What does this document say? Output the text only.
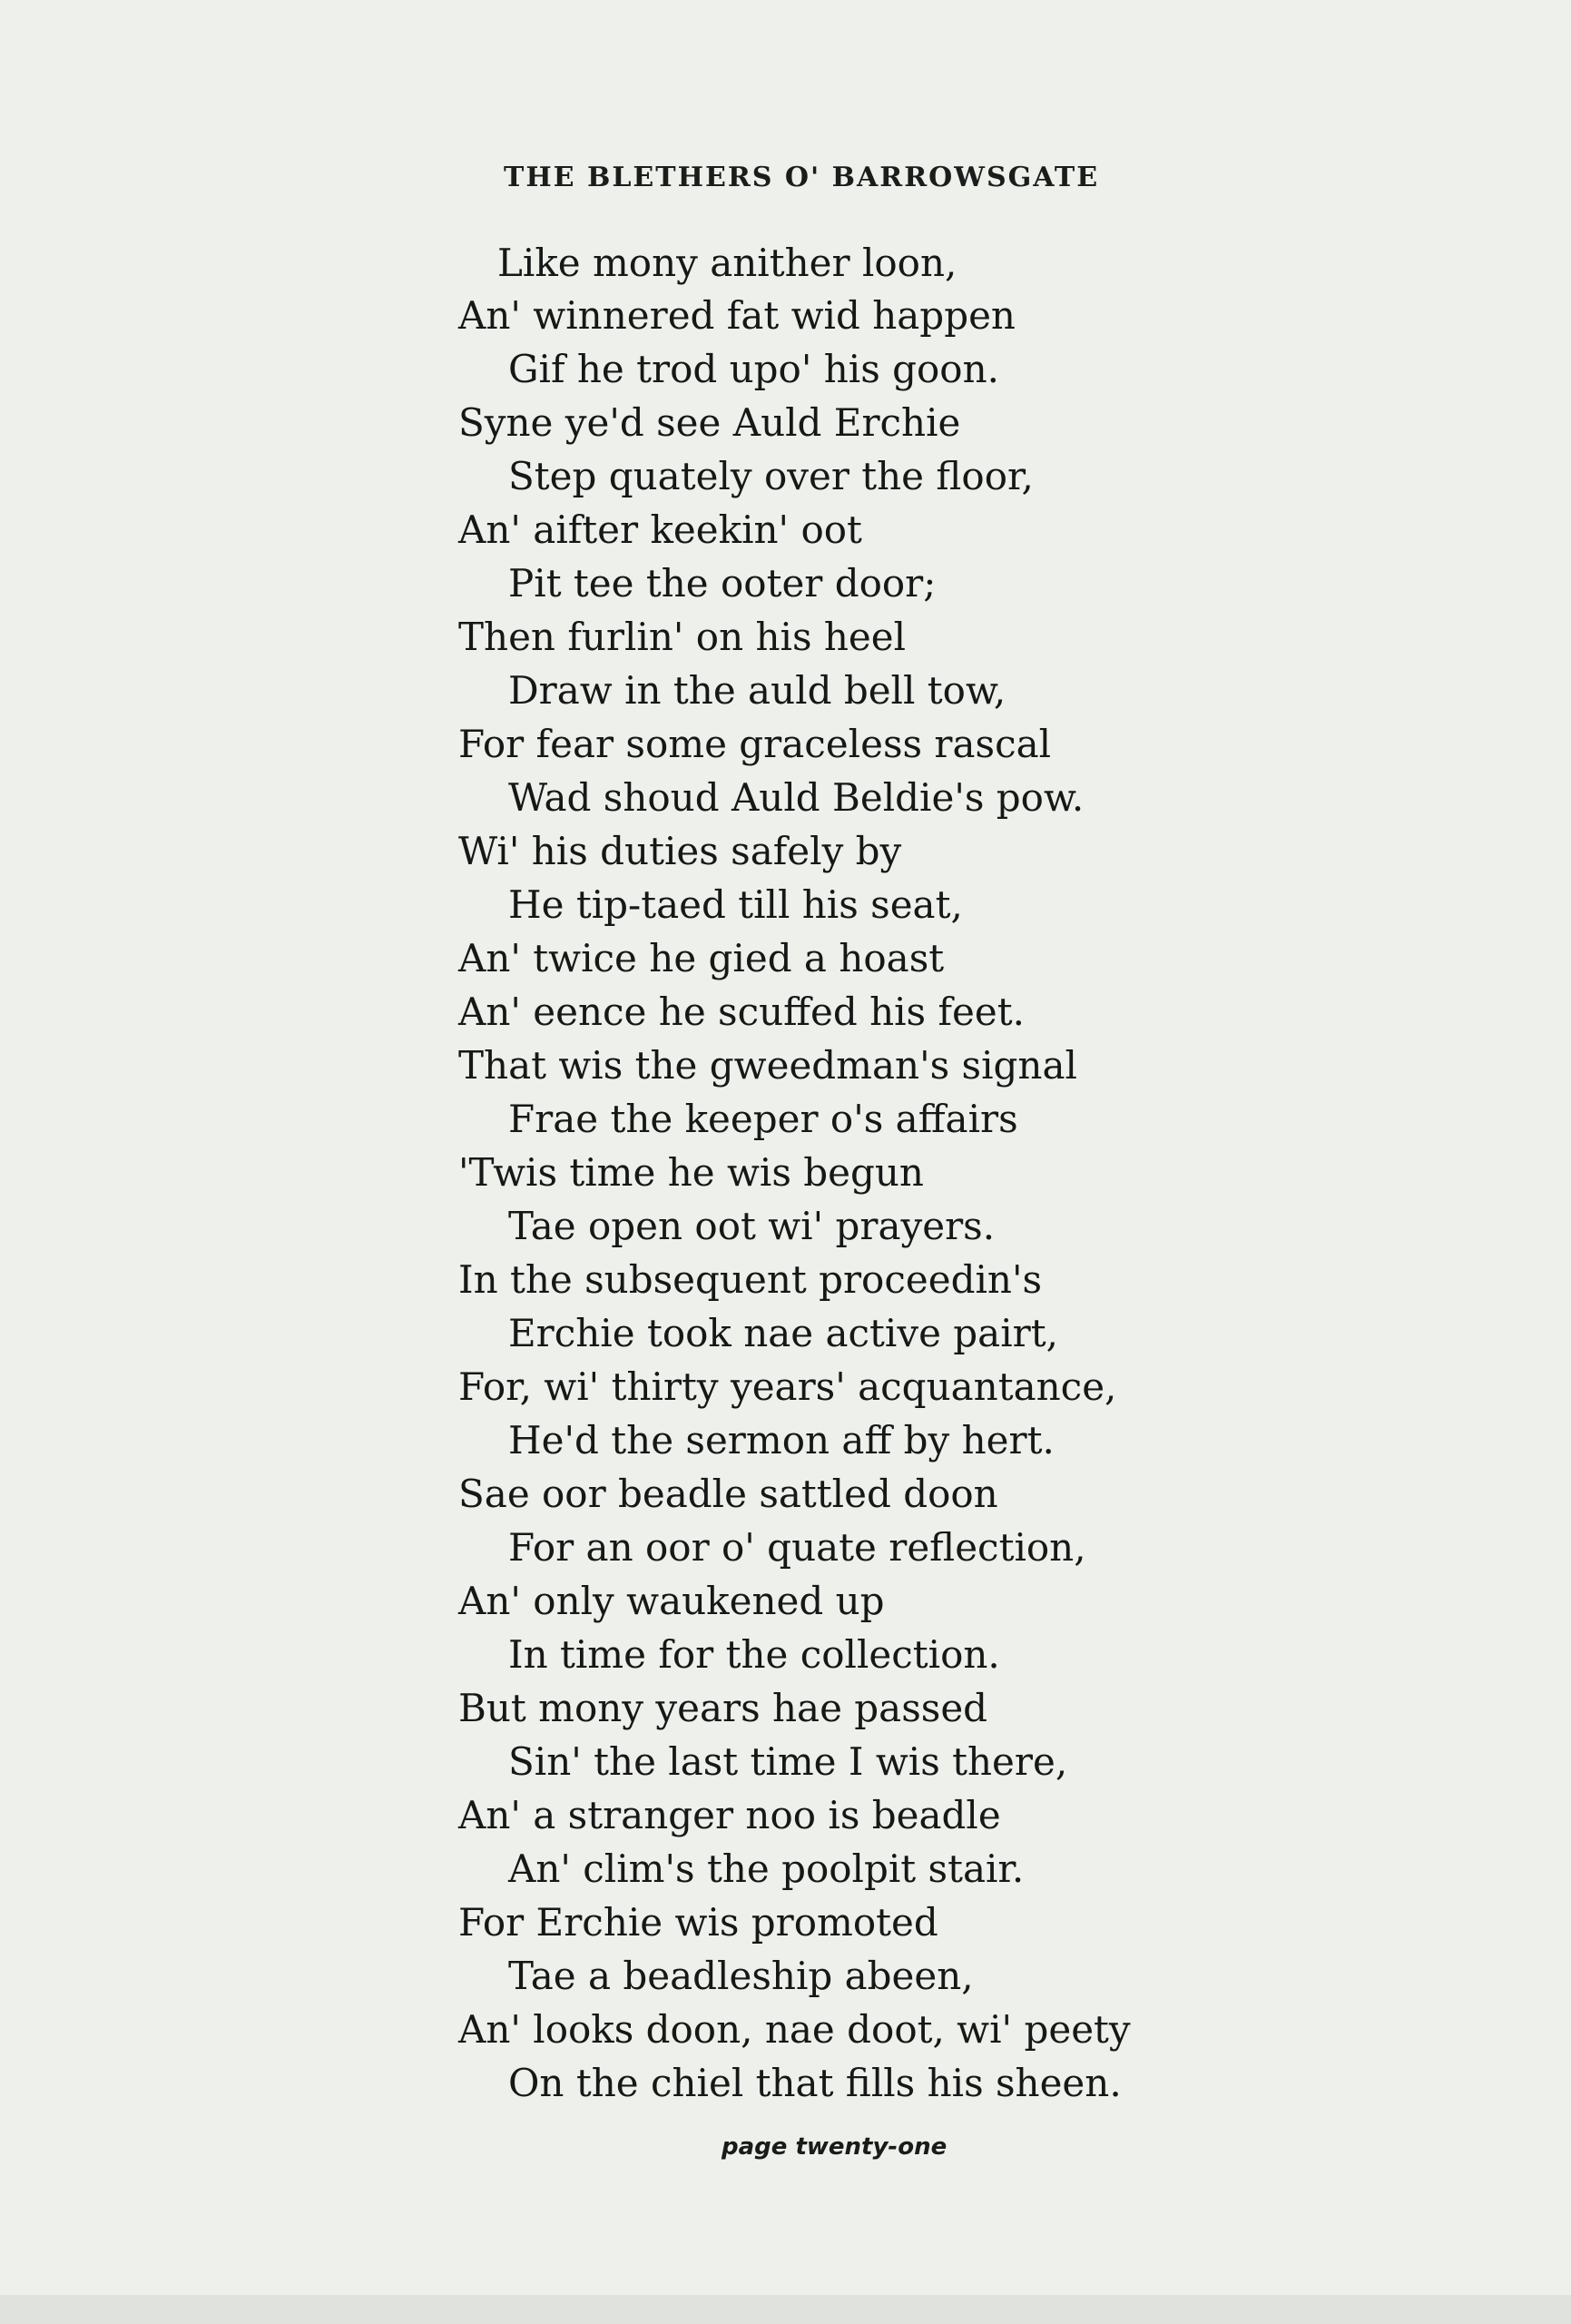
THE BLETHERS O' BARROWSGATE
Like mony anither loon,
An' winnered fat wid happen
Gif he trod upo' his goon.
Syne ye'd see Auld Erchie
Step quately over the floor,
An' aifter keekin' oot
Pit tee the ooter door;
Then furlin' on his heel
Draw in the auld bell tow,
For fear some graceless rascal
Wad shoud Auld Beldie's pow.
Wi' his duties safely by
He tip-taed till his seat,
An' twice he gied a hoast
An' eence he scuffed his feet.
That wis the gweedman's signal
Frae the keeper o's affairs
'Twis time he wis begun
Tae open oot wi' prayers.
In the subsequent proceedin's
Erchie took nae active pairt,
For, wi' thirty years' acquantance,
He'd the sermon aff by hert.
Sae oor beadle sattled doon
For an oor o' quate reflection,
An' only waukened up
In time for the collection.
But mony years hae passed
Sin' the last time I wis there,
An' a stranger noo is beadle
An' clim's the poolpit stair.
For Erchie wis promoted
Tae a beadleship abeen,
An' looks doon, nae doot, wi' peety
On the chiel that fills his sheen.
page twenty-one
